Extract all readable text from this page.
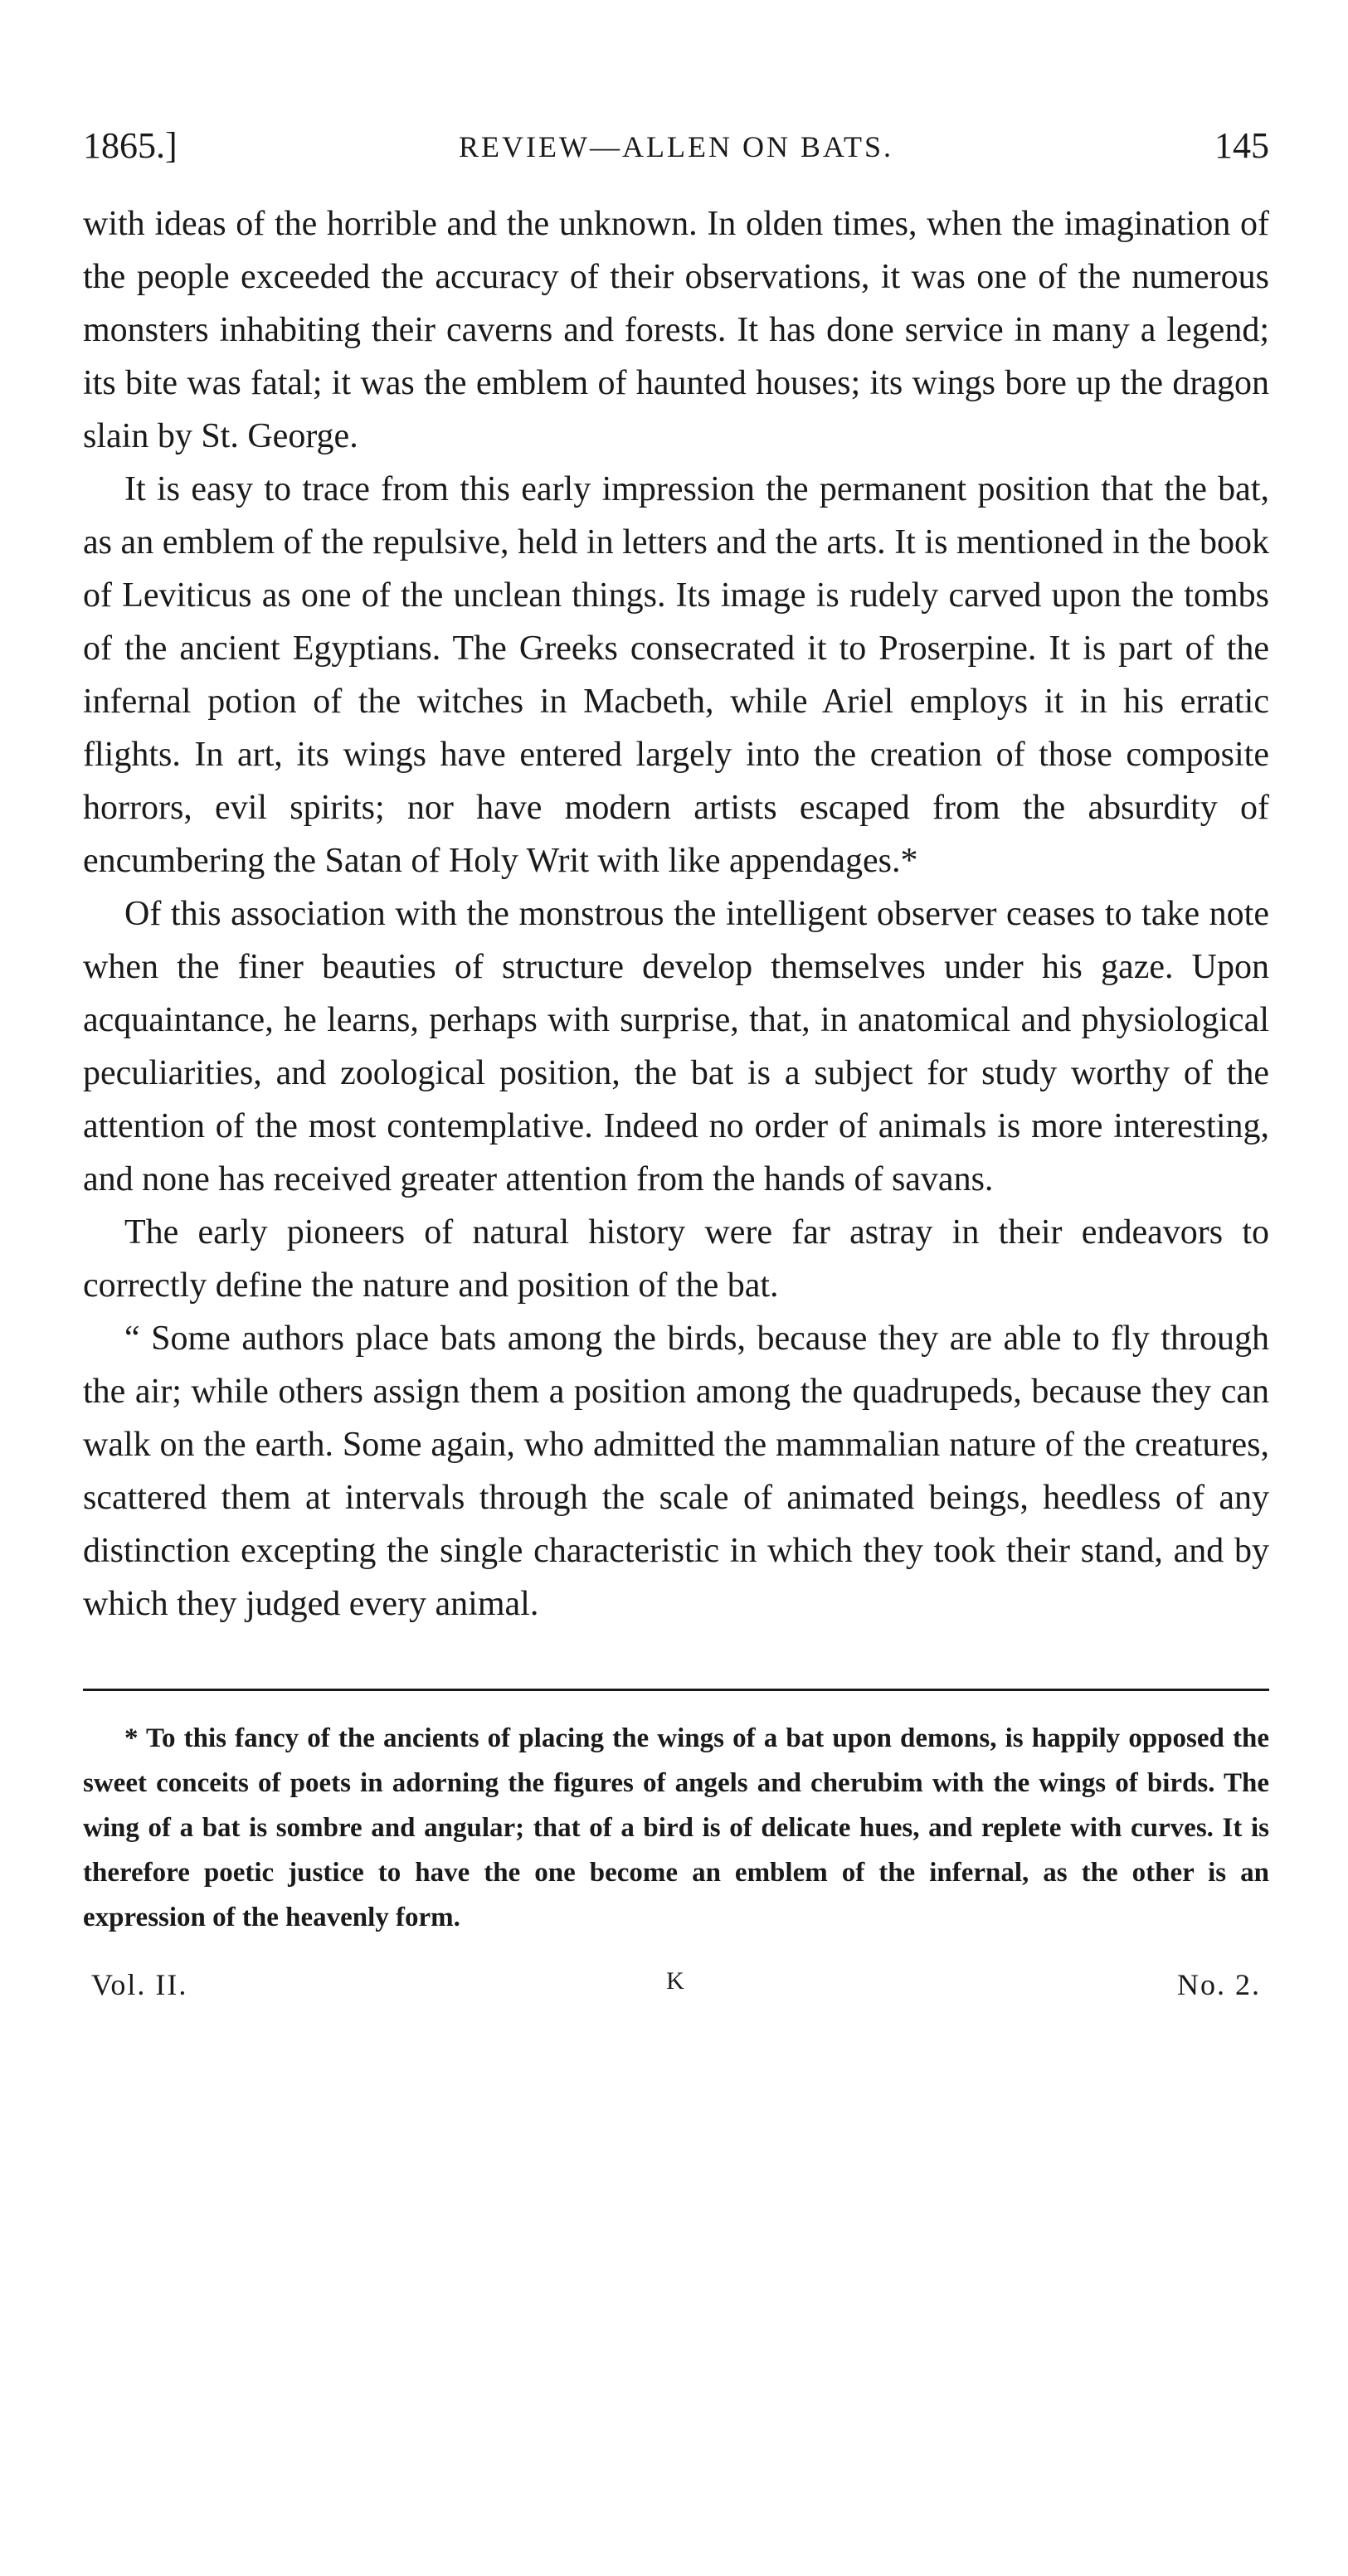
1865.]	REVIEW—ALLEN ON BATS.	145

with ideas of the horrible and the unknown. In olden times, when the imagination of the people exceeded the accuracy of their observations, it was one of the numerous monsters inhabiting their caverns and forests. It has done service in many a legend; its bite was fatal; it was the emblem of haunted houses; its wings bore up the dragon slain by St. George.

It is easy to trace from this early impression the permanent position that the bat, as an emblem of the repulsive, held in letters and the arts. It is mentioned in the book of Leviticus as one of the unclean things. Its image is rudely carved upon the tombs of the ancient Egyptians. The Greeks consecrated it to Proserpine. It is part of the infernal potion of the witches in Macbeth, while Ariel employs it in his erratic flights. In art, its wings have entered largely into the creation of those composite horrors, evil spirits; nor have modern artists escaped from the absurdity of encumbering the Satan of Holy Writ with like appendages.*

Of this association with the monstrous the intelligent observer ceases to take note when the finer beauties of structure develop themselves under his gaze. Upon acquaintance, he learns, perhaps with surprise, that, in anatomical and physiological peculiarities, and zoological position, the bat is a subject for study worthy of the attention of the most contemplative. Indeed no order of animals is more interesting, and none has received greater attention from the hands of savans.

The early pioneers of natural history were far astray in their endeavors to correctly define the nature and position of the bat.

“ Some authors place bats among the birds, because they are able to fly through the air; while others assign them a position among the quadrupeds, because they can walk on the earth. Some again, who admitted the mammalian nature of the creatures, scattered them at intervals through the scale of animated beings, heedless of any distinction excepting the single characteristic in which they took their stand, and by which they judged every animal.

* To this fancy of the ancients of placing the wings of a bat upon demons, is happily opposed the sweet conceits of poets in adorning the figures of angels and cherubim with the wings of birds. The wing of a bat is sombre and angular; that of a bird is of delicate hues, and replete with curves. It is therefore poetic justice to have the one become an emblem of the infernal, as the other is an expression of the heavenly form.

Vol. II.	K	No. 2.
